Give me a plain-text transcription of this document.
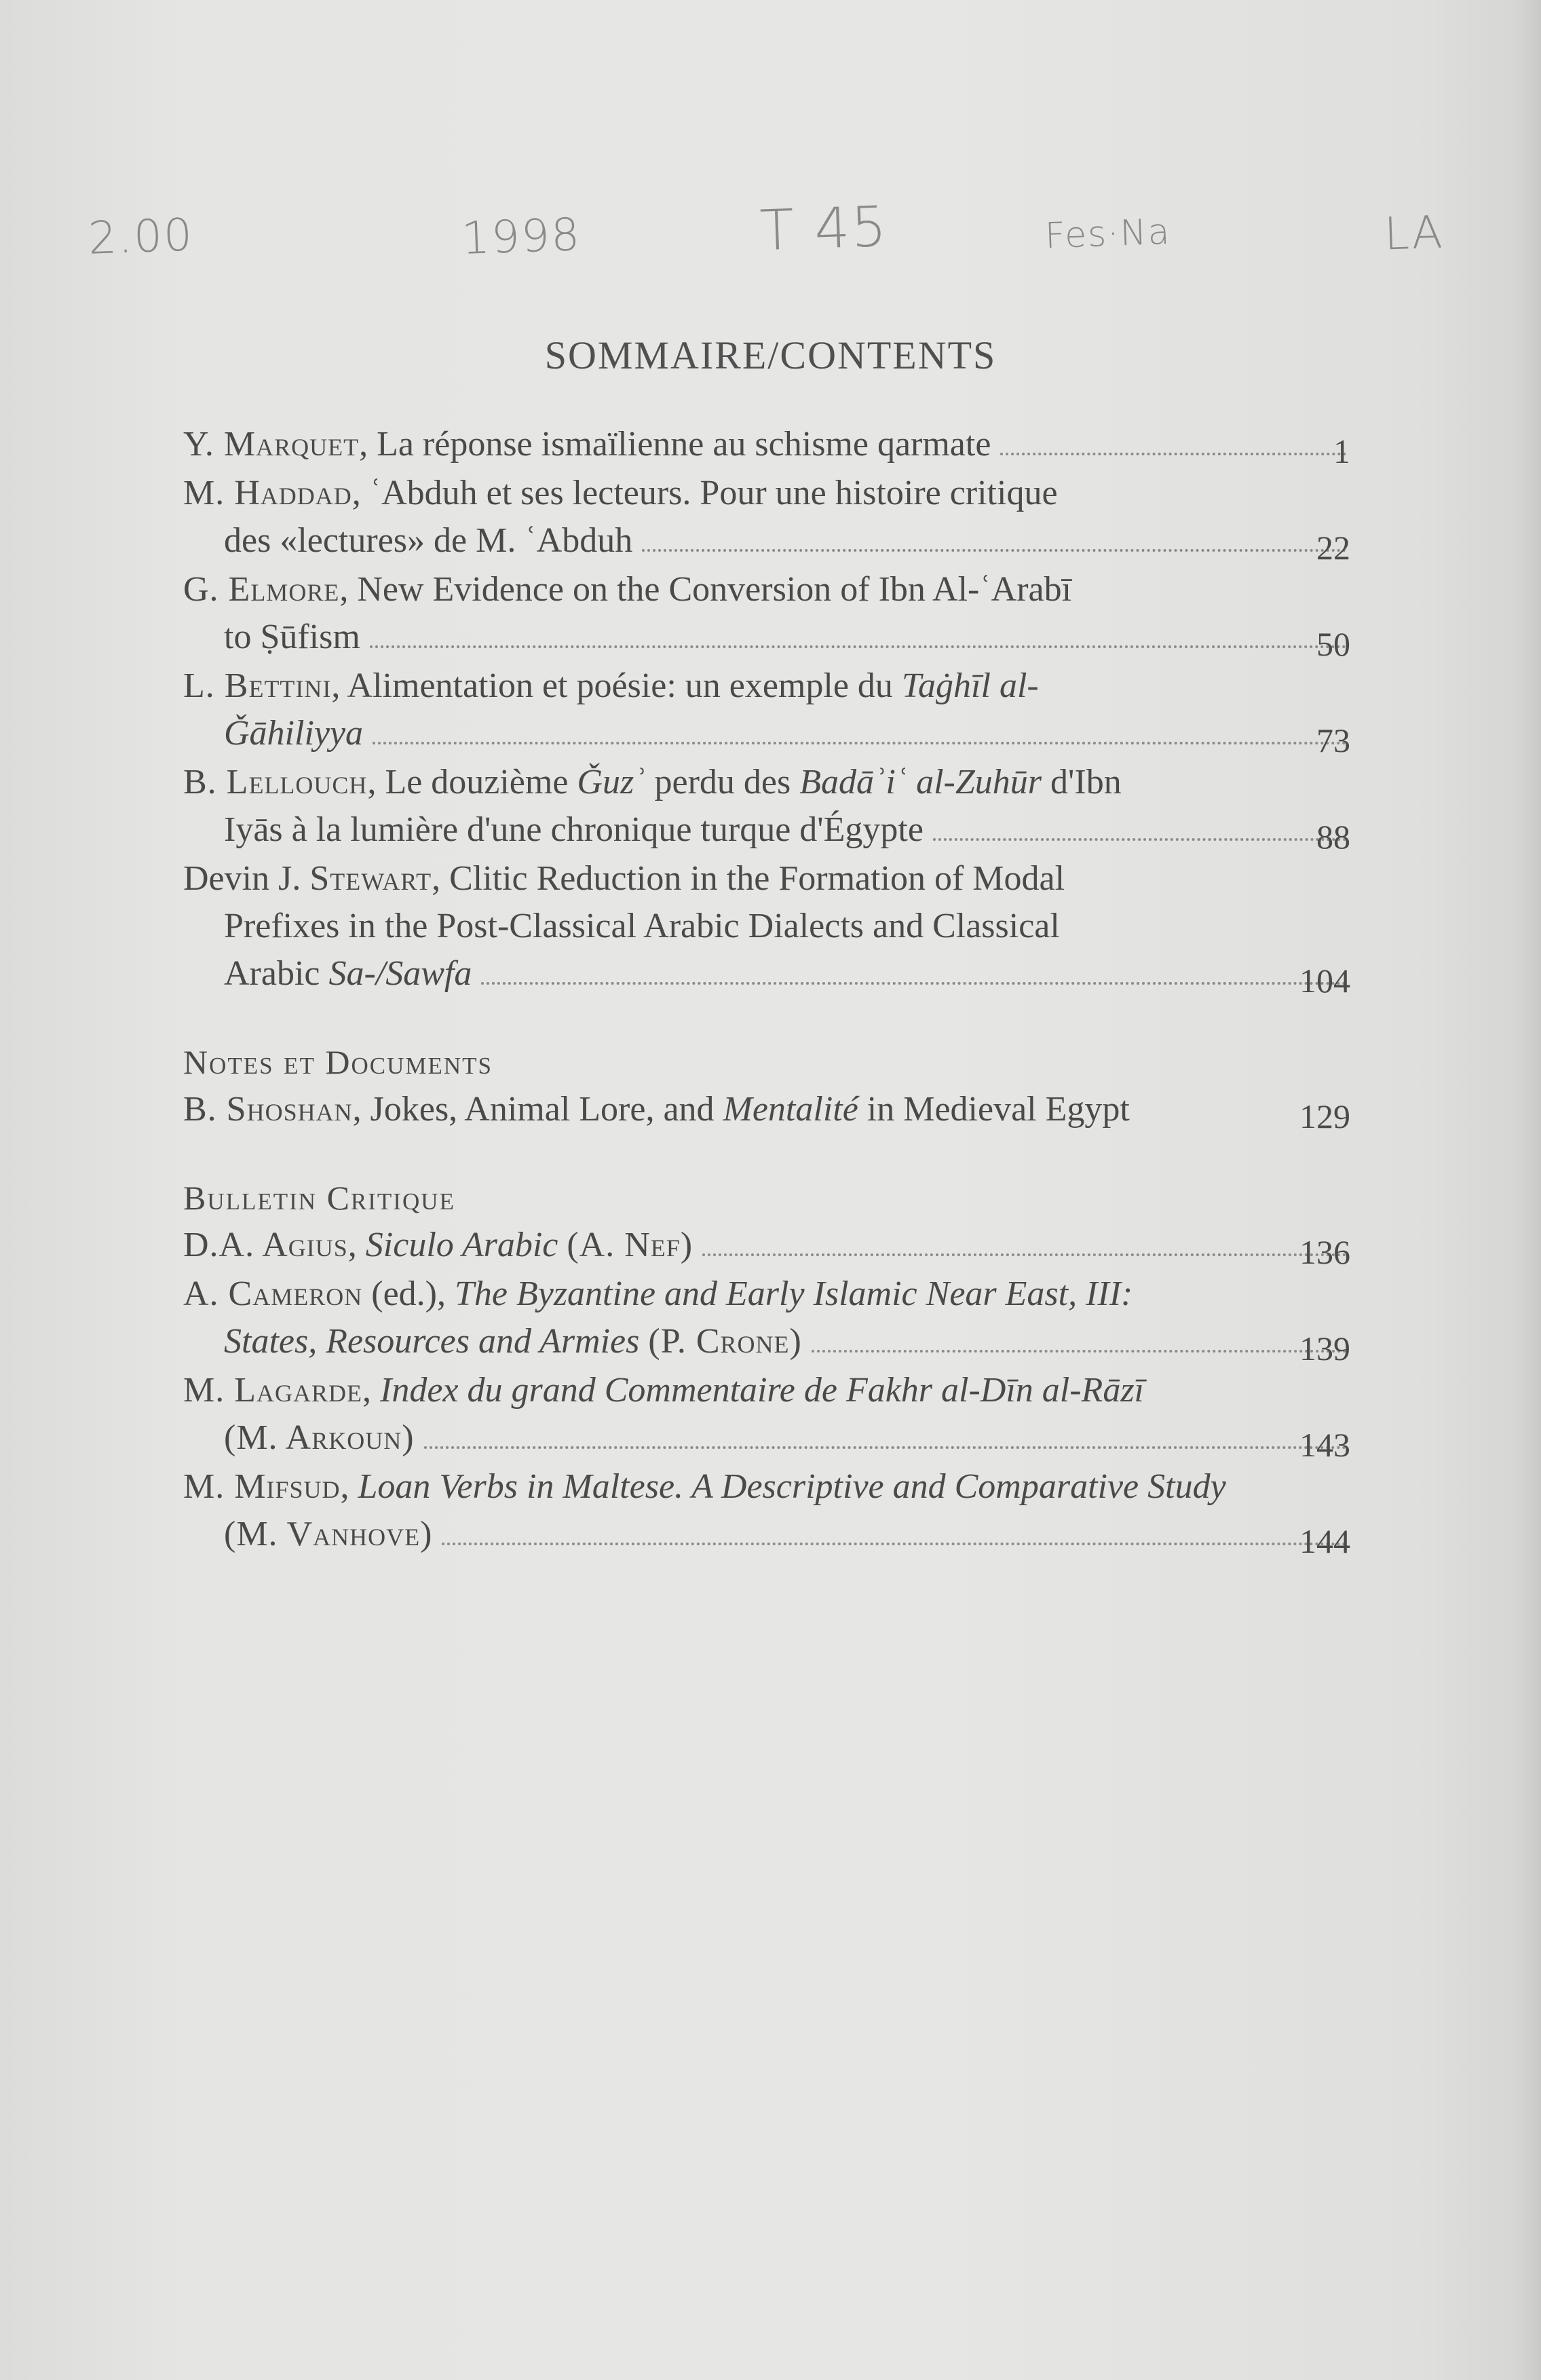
2.00	1998	T 45	Fes·Na	LA
SOMMAIRE/CONTENTS
Y. Marquet, La réponse ismaïlienne au schisme qarmate	1
M. Haddad, ʿAbduh et ses lecteurs. Pour une histoire critique
des «lectures» de M. ʿAbduh	22
G. Elmore, New Evidence on the Conversion of Ibn Al-ʿArabī
to Ṣūfism	50
L. Bettini, Alimentation et poésie: un exemple du Taġhīl al-
Ǧāhiliyya	73
B. Lellouch, Le douzième Ǧuzʾ perdu des Badāʾiʿ al-Zuhūr d'Ibn
Iyās à la lumière d'une chronique turque d'Égypte	88
Devin J. Stewart, Clitic Reduction in the Formation of Modal
Prefixes in the Post-Classical Arabic Dialects and Classical
Arabic Sa-/Sawfa	104
Notes et Documents
B. Shoshan, Jokes, Animal Lore, and Mentalité in Medieval Egypt	129
Bulletin Critique
D.A. Agius, Siculo Arabic (A. Nef)	136
A. Cameron (ed.), The Byzantine and Early Islamic Near East, III:
States, Resources and Armies (P. Crone)	139
M. Lagarde, Index du grand Commentaire de Fakhr al-Dīn al-Rāzī
(M. Arkoun)	143
M. Mifsud, Loan Verbs in Maltese. A Descriptive and Comparative Study
(M. Vanhove)	144
